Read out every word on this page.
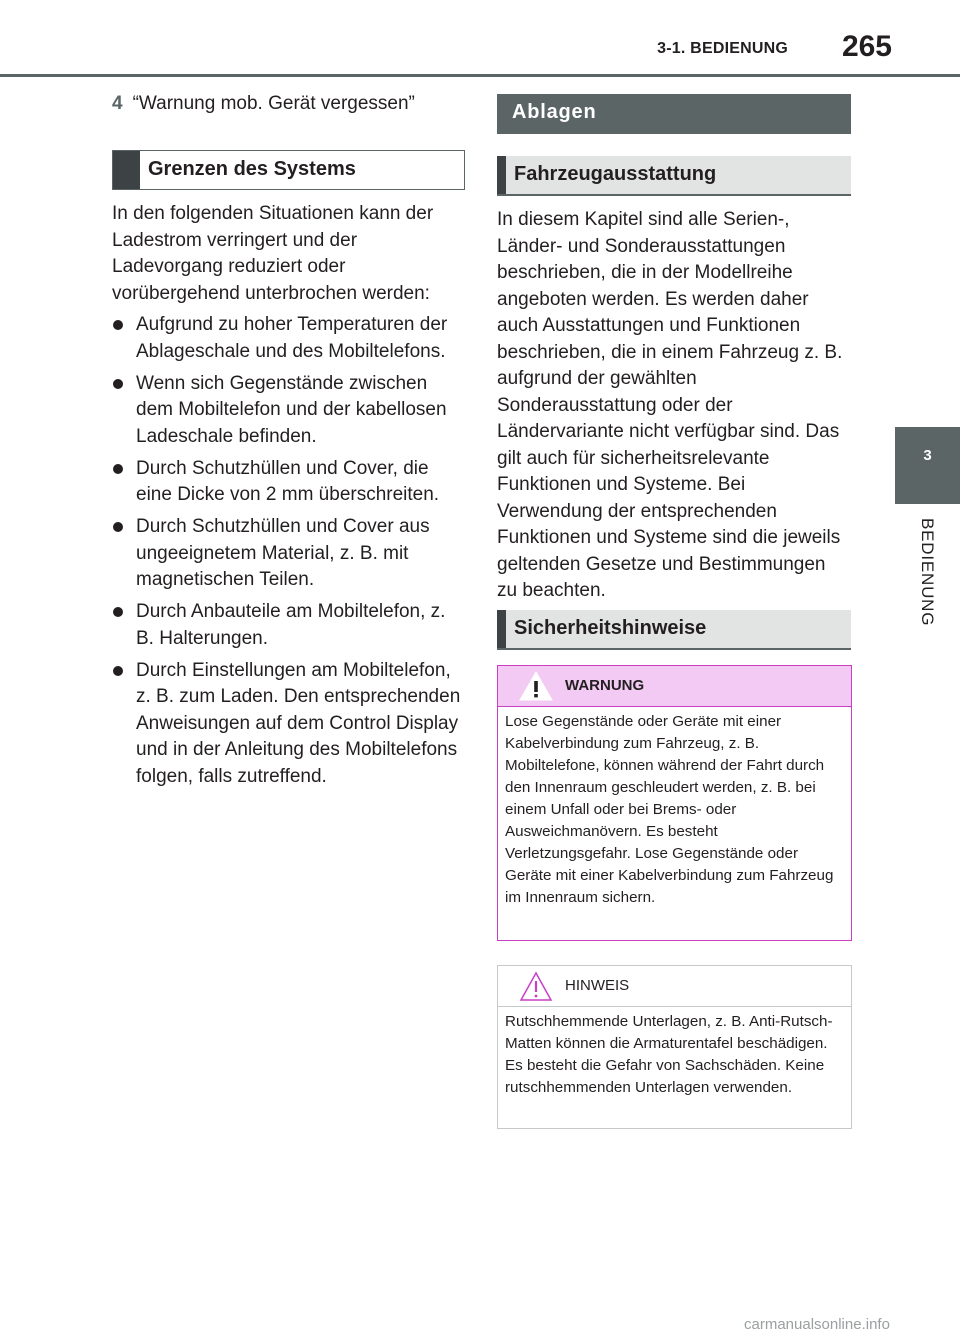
3-1. BEDIENUNG	265
3
BEDIENUNG
4 “Warnung mob. Gerät vergessen”
Grenzen des Systems

In den folgenden Situationen kann der Ladestrom verringert und der Ladevorgang reduziert oder vorübergehend unterbrochen werden:

Aufgrund zu hoher Temperaturen der Ablageschale und des Mobiltelefons.
Wenn sich Gegenstände zwischen dem Mobiltelefon und der kabellosen Ladeschale befinden.
Durch Schutzhüllen und Cover, die eine Dicke von 2 mm überschreiten.
Durch Schutzhüllen und Cover aus ungeeignetem Material, z. B. mit magnetischen Teilen.
Durch Anbauteile am Mobiltelefon, z. B. Halterungen.
Durch Einstellungen am Mobiltelefon, z. B. zum Laden. Den entsprechenden Anweisungen auf dem Control Display und in der Anleitung des Mobiltelefons folgen, falls zutreffend.
Ablagen
Fahrzeugausstattung

In diesem Kapitel sind alle Serien-, Länder- und Sonderausstattungen beschrieben, die in der Modellreihe angeboten werden. Es werden daher auch Ausstattungen und Funktionen beschrieben, die in einem Fahrzeug z. B. aufgrund der gewählten Sonderausstattung oder der Ländervariante nicht verfügbar sind. Das gilt auch für sicherheitsrelevante Funktionen und Systeme. Bei Verwendung der entsprechenden Funktionen und Systeme sind die jeweils geltenden Gesetze und Bestimmungen zu beachten.

Sicherheitshinweise
WARNUNG

Lose Gegenstände oder Geräte mit einer Kabelverbindung zum Fahrzeug, z. B. Mobiltelefone, können während der Fahrt durch den Innenraum geschleudert werden, z. B. bei einem Unfall oder bei Brems- oder Ausweichmanövern. Es besteht Verletzungsgefahr. Lose Gegenstände oder Geräte mit einer Kabelverbindung zum Fahrzeug im Innenraum sichern.

HINWEIS

Rutschhemmende Unterlagen, z. B. Anti-Rutsch-Matten können die Armaturentafel beschädigen. Es besteht die Gefahr von Sachschäden. Keine rutschhemmenden Unterlagen verwenden.

carmanualsonline.info
